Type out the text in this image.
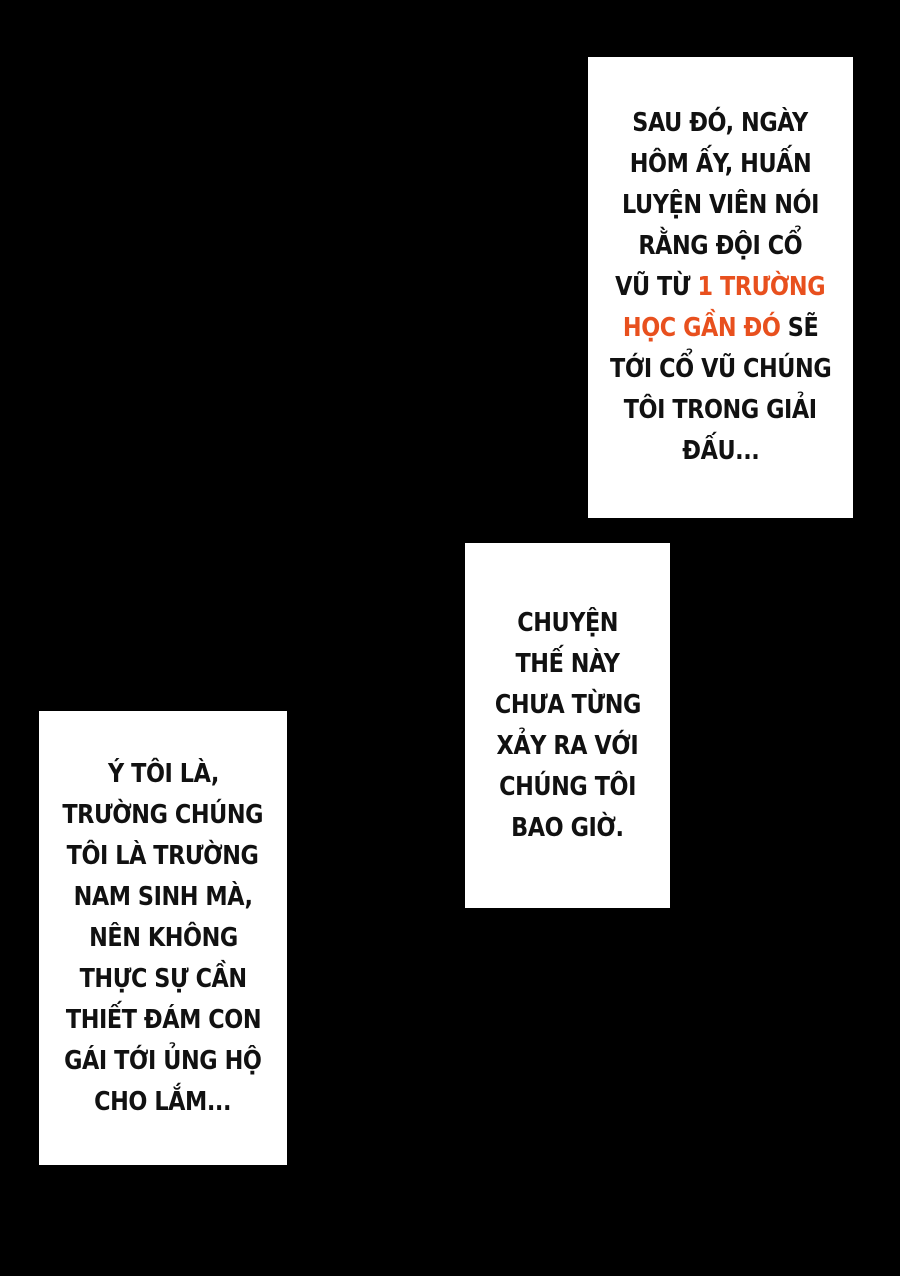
SAU ĐÓ, NGÀY
HÔM ẤY, HUẤN
LUYỆN VIÊN NÓI
RẰNG ĐỘI CỔ
VŨ TỪ 1 TRƯỜNG
HỌC GẦN ĐÓ SẼ
TỚI CỔ VŨ CHÚNG
TÔI TRONG GIẢI
ĐẤU...
CHUYỆN
THẾ NÀY
CHƯA TỪNG
XẢY RA VỚI
CHÚNG TÔI
BAO GIỜ.
Ý TÔI LÀ,
TRƯỜNG CHÚNG
TÔI LÀ TRƯỜNG
NAM SINH MÀ,
NÊN KHÔNG
THỰC SỰ CẦN
THIẾT ĐÁM CON
GÁI TỚI ỦNG HỘ
CHO LẮM...
